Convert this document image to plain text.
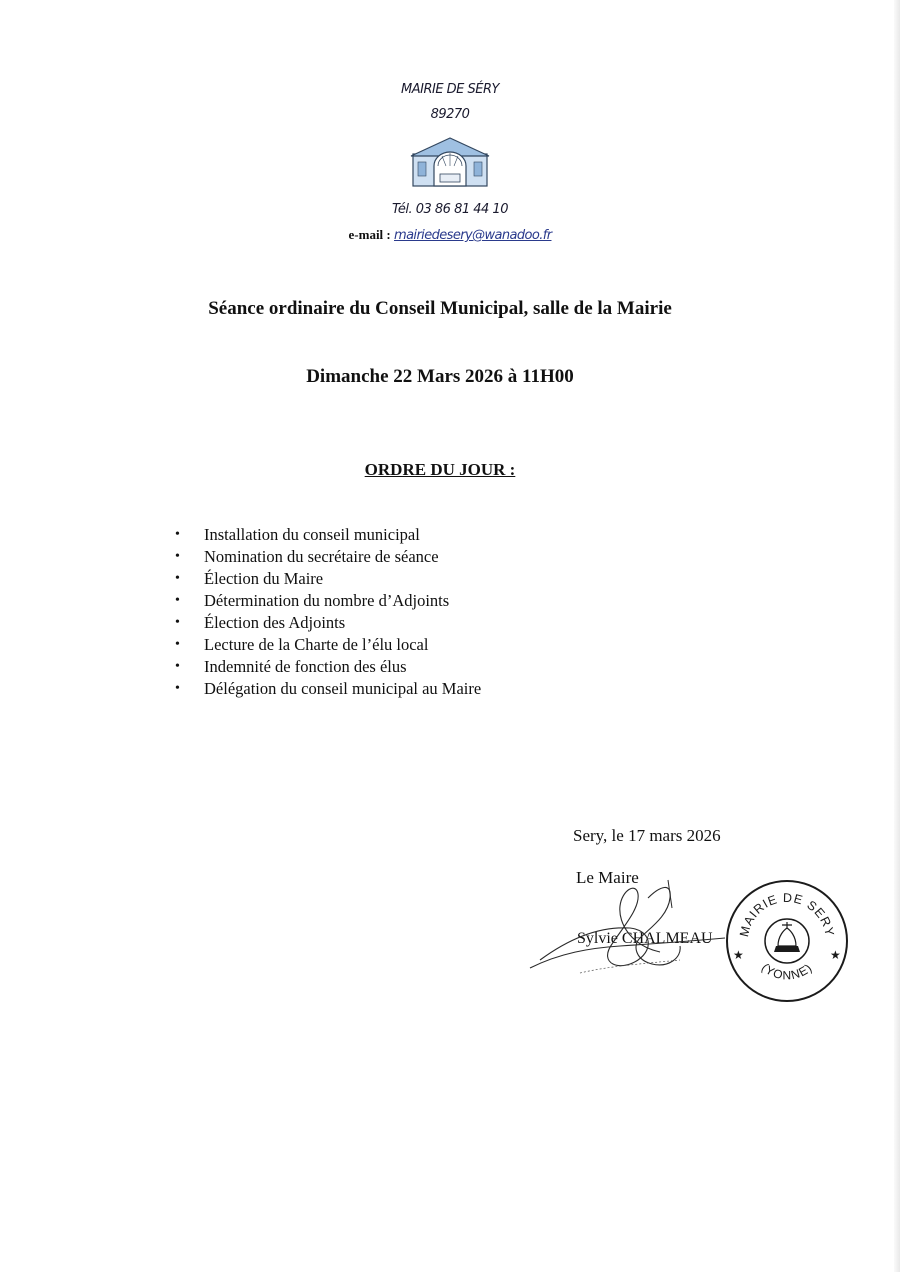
MAIRIE DE SÉRY
89270
Tél. 03 86 81 44 10
e-mail : mairiedesery@wanadoo.fr
Séance ordinaire du Conseil Municipal, salle de la Mairie
Dimanche 22 Mars 2026 à 11H00
ORDRE DU JOUR :
• Installation du conseil municipal
• Nomination du secrétaire de séance
• Élection du Maire
• Détermination du nombre d’Adjoints
• Élection des Adjoints
• Lecture de la Charte de l’élu local
• Indemnité de fonction des élus
• Délégation du conseil municipal au Maire
Sery, le 17 mars 2026
Le Maire
Sylvie CHALMEAU MAIRIE DE SERY
(YONNE)
★	★
